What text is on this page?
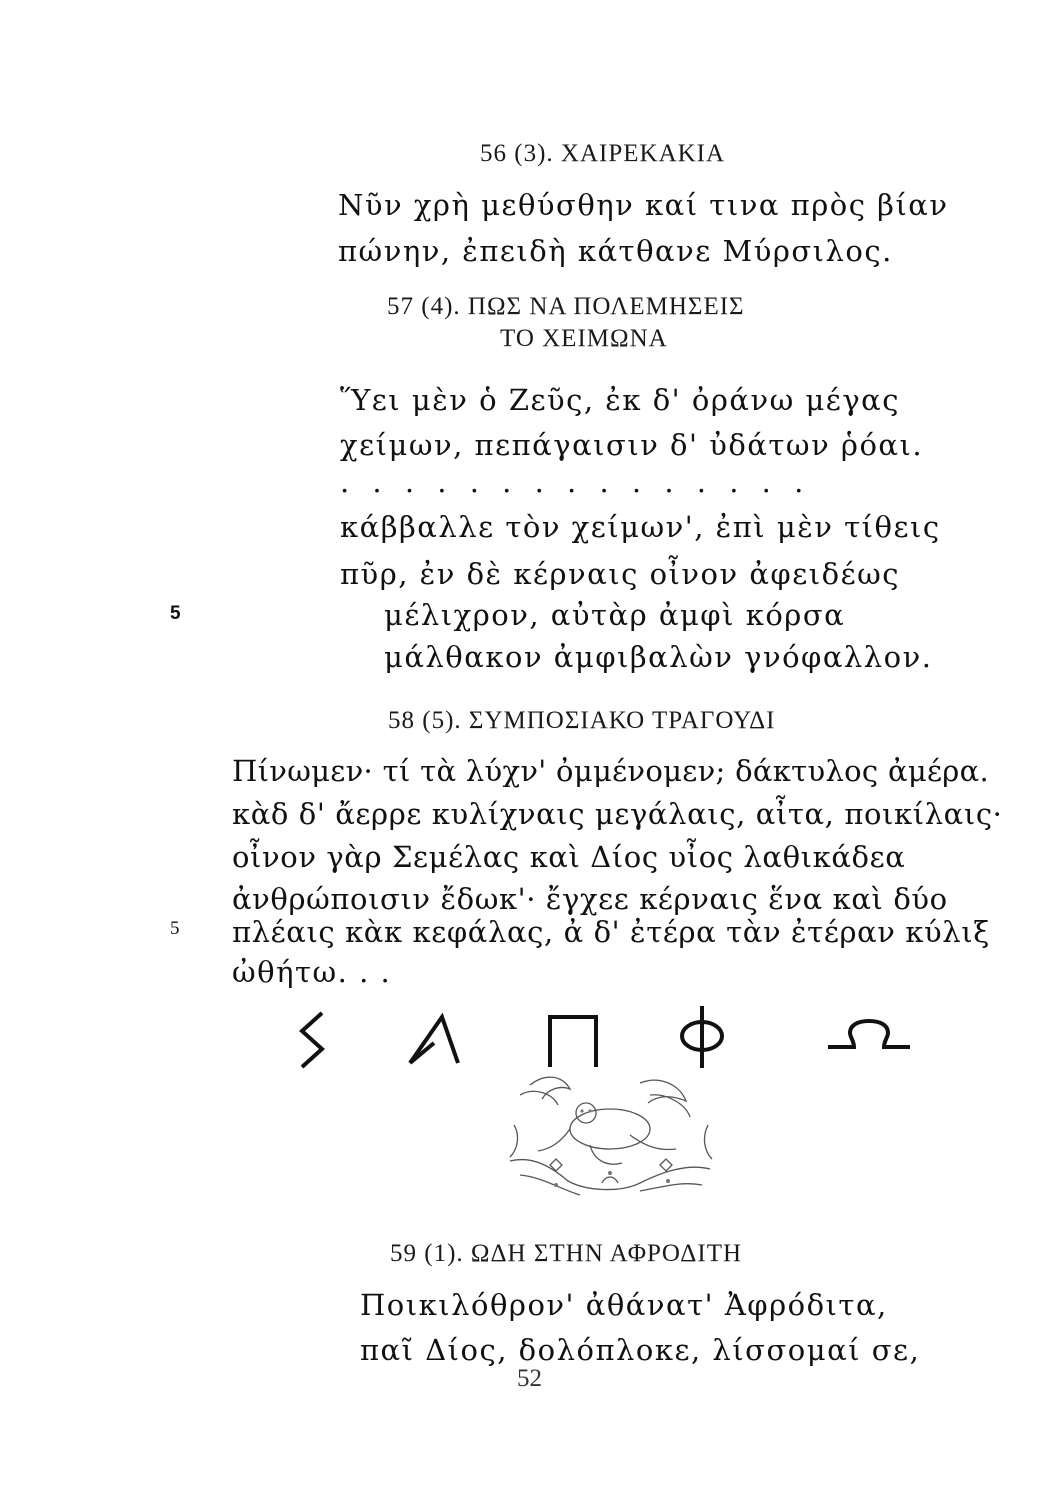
56 (3). ΧΑΙΡΕΚΑΚΙΑ
Νῦν χρὴ μεθύσθην καί τινα πρὸς βίαν
πώνην, ἐπειδὴ κάτθανε Μύρσιλος.
57 (4). ΠΩΣ ΝΑ ΠΟΛΕΜΗΣΕΙΣ
ΤΟ ΧΕΙΜΩΝΑ
Ὕει μὲν ὁ Ζεῦς, ἐκ δ' ὀράνω μέγας
χείμων, πεπάγαισιν δ' ὐδάτων ῥόαι.
. . . . . . . . . . . . . . .
κάββαλλε τὸν χείμων', ἐπὶ μὲν τίθεις
πῦρ, ἐν δὲ κέρναις οἶνον ἀφειδέως
5	μέλιχρον, αὐτὰρ ἀμφὶ κόρσα
μάλθακον ἀμφιβαλὼν γνόφαλλον.
58 (5). ΣΥΜΠΟΣΙΑΚΟ ΤΡΑΓΟΥΔΙ
Πίνωμεν· τί τὰ λύχν' ὀμμένομεν; δάκτυλος ἀμέρα.
κὰδ δ' ἄερρε κυλίχναις μεγάλαις, αἶτα, ποικίλαις·
οἶνον γὰρ Σεμέλας καὶ Δίος υἶος λαθικάδεα
ἀνθρώποισιν ἔδωκ'· ἔγχεε κέρναις ἕνα καὶ δύο
5 πλέαις κὰκ κεφάλας, ἀ δ' ἐτέρα τὰν ἐτέραν κύλιξ
ὠθήτω. . .
59 (1). ΩΔΗ ΣΤΗΝ ΑΦΡΟΔΙΤΗ
Ποικιλόθρον' ἀθάνατ' Ἀφρόδιτα,
παῖ Δίος, δολόπλοκε, λίσσομαί σε,
52
